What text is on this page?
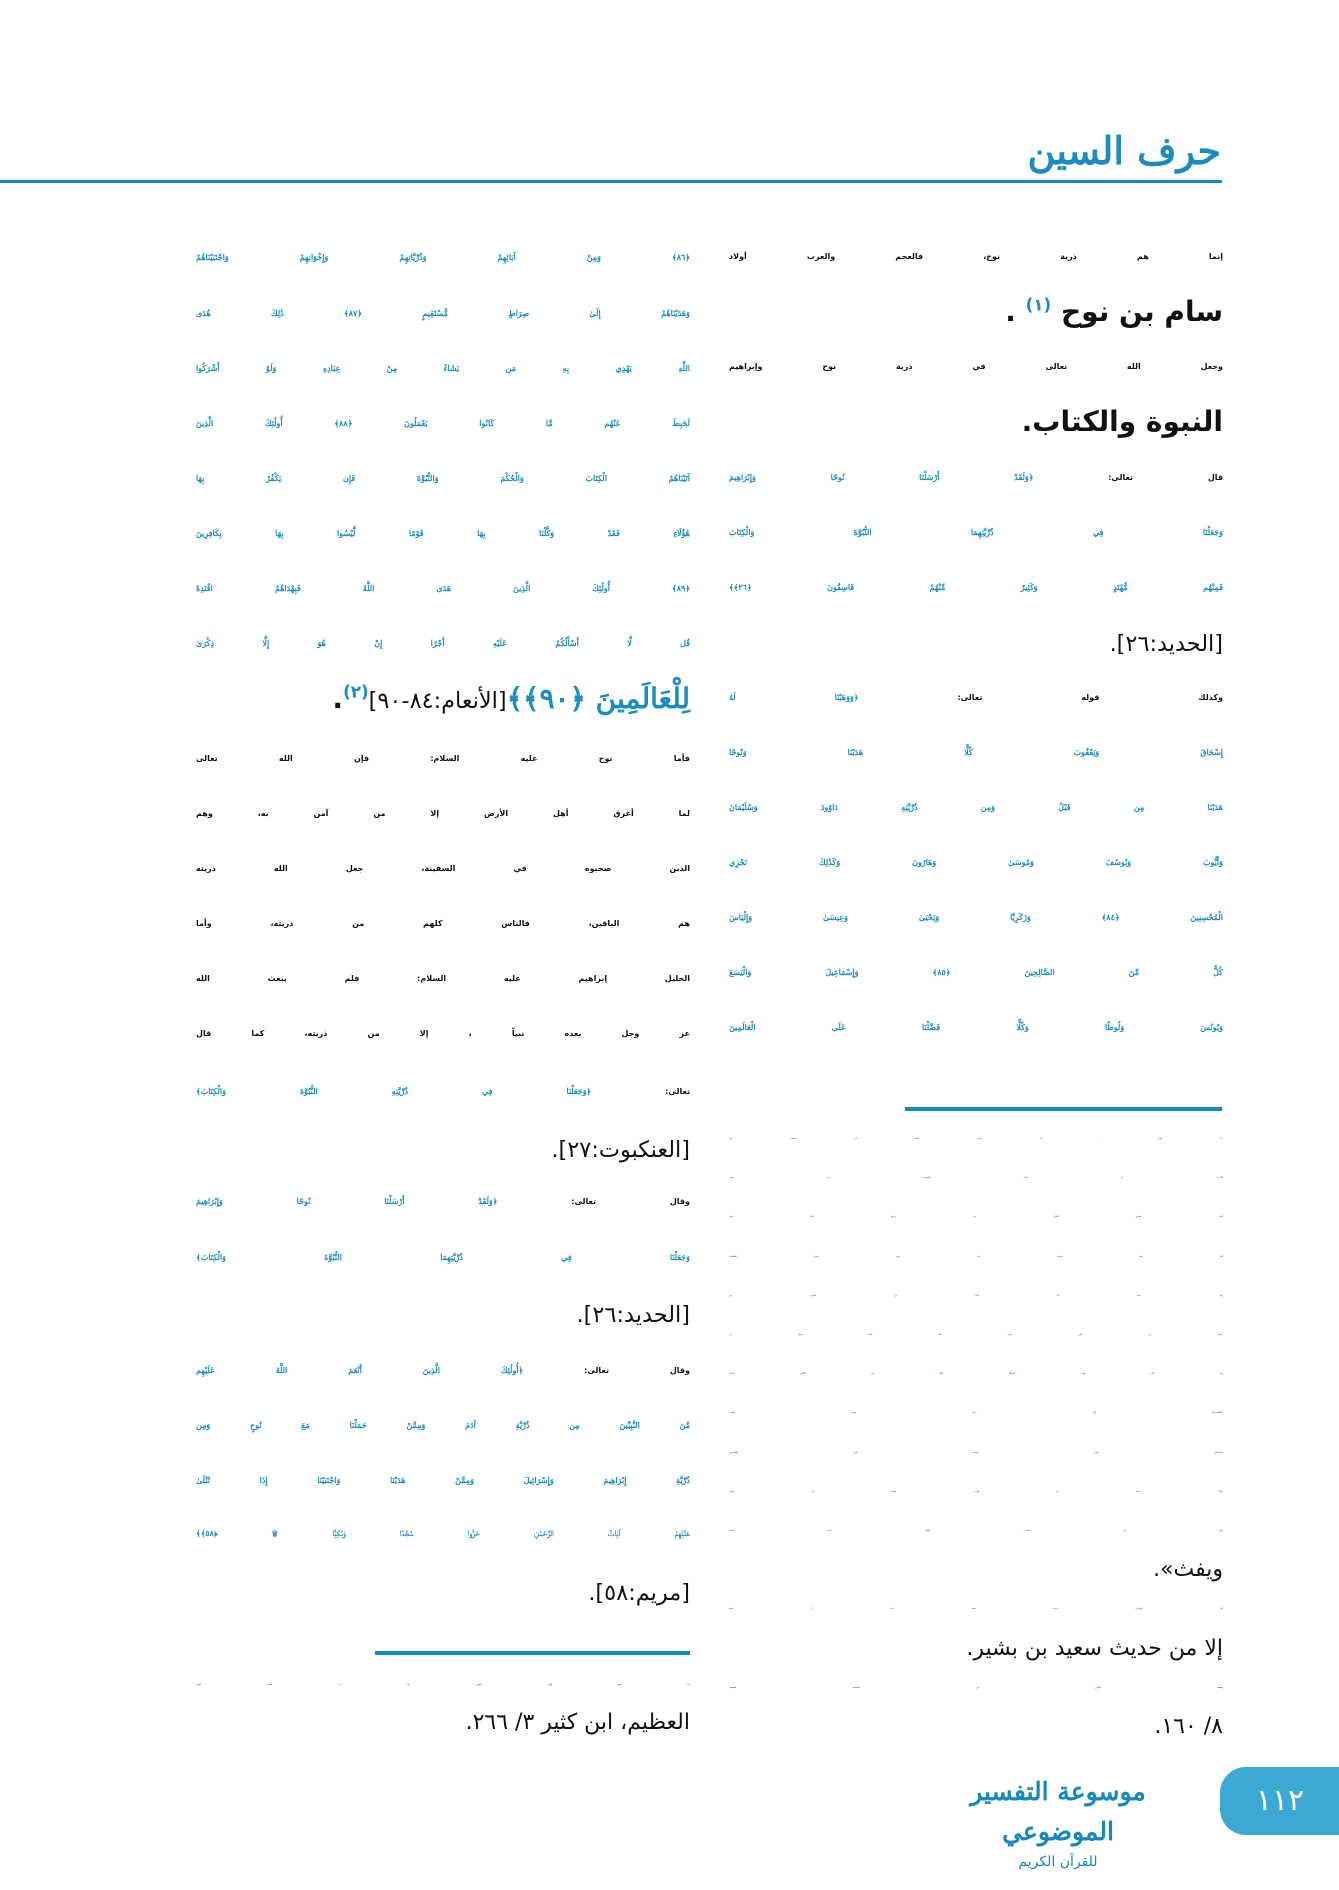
حرف السين
إنما هم ذرية نوح، فالعجم والعرب أولاد
سام بن نوح $^{(١)}$ .
وجعل الله تعالى في ذرية نوح وإبراهيم
النبوة والكتاب.
قال تعالى: ﴿وَلَقَدْ أَرْسَلْنَا نُوحًا وَإِبْرَاهِيمَ
وَجَعَلْنَا فِي ذُرِّيَّتِهِمَا النُّبُوَّةَ وَالْكِتَابَ
فَمِنْهُم مُّهْتَدٍ وَكَثِيرٌ مِّنْهُمْ فَاسِقُونَ ﴿٢٦﴾﴾
[الحديد:٢٦].
وكذلك قوله تعالى: ﴿وَوَهَبْنَا لَهُ
إِسْحَاقَ وَيَعْقُوبَ كُلًّا هَدَيْنَا وَنُوحًا
هَدَيْنَا مِن قَبْلُ وَمِن ذُرِّيَّتِهِ دَاوُودَ وَسُلَيْمَانَ
وَأَيُّوبَ وَيُوسُفَ وَمُوسَىٰ وَهَارُونَ وَكَذَٰلِكَ نَجْزِي
الْمُحْسِنِينَ ﴿٨٤﴾ وَزَكَرِيَّا وَيَحْيَىٰ وَعِيسَىٰ وَإِلْيَاسَ
كُلٌّ مِّنَ الصَّالِحِينَ ﴿٨٥﴾ وَإِسْمَاعِيلَ وَالْيَسَعَ
وَيُونُسَ وَلُوطًا وَكُلًّا فَضَّلْنَا عَلَى الْعَالَمِينَ
(١) منها : ما أخرجه أحمد في مسنده رقم
٢٠٠٩٩٣، ٣/ ٢٩٢، والترمذي في سننه،
أبواب تفسير القرآن عن رسول الله صلى
الله عليه وسلم باب ومن سورة الصافات،
رقم ٣٢٣٠، ٥/ ٣٦٥، عن الحسن، عن
سمرة، عن النبي صلى الله عليه وسلم في
قول الله تعالى: ﴿وَجَعَلْنَا ذُرِّيَّتَهُ هُمُ الْبَاقِينَ ﴿٧٧﴾﴾
[الصافات:٧٧] قال: «حام، وسام، ويافث»
بالثاء.يقال: يافت، ويافث بالتاء والثاء«وفي
رواية: «سام أبو العرب، ويافث أبو الروم،
وحام أبو الحبش» ويقال: يافث ويافت
ويفث».
قال الترمذي: حديث حسن غريب لا نعرفه
إلا من حديث سعيد بن بشير.
وضعفه الألباني في السلسلة الضعيفة،
٨/ ١٦٠.
﴿٨٦﴾ وَمِنْ آبَائِهِمْ وَذُرِّيَّاتِهِمْ وَإِخْوَانِهِمْ وَاجْتَبَيْنَاهُمْ
وَهَدَيْنَاهُمْ إِلَىٰ صِرَاطٍ مُّسْتَقِيمٍ ﴿٨٧﴾ ذَٰلِكَ هُدَى
اللَّهِ يَهْدِي بِهِ مَن يَشَاءُ مِنْ عِبَادِهِ وَلَوْ أَشْرَكُوا
لَحَبِطَ عَنْهُم مَّا كَانُوا يَعْمَلُونَ ﴿٨٨﴾ أُولَٰئِكَ الَّذِينَ
آتَيْنَاهُمُ الْكِتَابَ وَالْحُكْمَ وَالنُّبُوَّةَ فَإِن يَكْفُرْ بِهَا
هَٰؤُلَاءِ فَقَدْ وَكَّلْنَا بِهَا قَوْمًا لَّيْسُوا بِهَا بِكَافِرِينَ
﴿٨٩﴾ أُولَٰئِكَ الَّذِينَ هَدَى اللَّهُ فَبِهُدَاهُمُ اقْتَدِهْ
قُل لَّا أَسْأَلُكُمْ عَلَيْهِ أَجْرًا إِنْ هُوَ إِلَّا ذِكْرَىٰ
لِلْعَالَمِينَ ﴿٩٠﴾﴾[الأنعام:٨٤-٩٠]$^{(٢)}$.
فأما نوح عليه السلام: فإن الله تعالى
لما أغرق أهل الأرض إلا من آمن به، وهم
الذين صحبوه في السفينة، جعل الله ذريته
هم الباقين، فالناس كلهم من ذريته، وأما
الخليل إبراهيم عليه السلام: فلم يبعث الله
عز وجل بعده نبياً ، إلا من ذريته، كما قال
تعالى: ﴿وَجَعَلْنَا فِي ذُرِّيَّتِهِ النُّبُوَّةَ وَالْكِتَابَ﴾
[العنكبوت:٢٧].
وقال تعالى: ﴿وَلَقَدْ أَرْسَلْنَا نُوحًا وَإِبْرَاهِيمَ
وَجَعَلْنَا فِي ذُرِّيَّتِهِمَا النُّبُوَّةَ وَالْكِتَابَ﴾
[الحديد:٢٦].
وقال تعالى: ﴿أُولَٰئِكَ الَّذِينَ أَنْعَمَ اللَّهُ عَلَيْهِم
مِّنَ النَّبِيِّينَ مِن ذُرِّيَّةِ آدَمَ وَمِمَّنْ حَمَلْنَا مَعَ نُوحٍ وَمِن
ذُرِّيَّةِ إِبْرَاهِيمَ وَإِسْرَائِيلَ وَمِمَّنْ هَدَيْنَا وَاجْتَبَيْنَا إِذَا تُتْلَىٰ
عَلَيْهِمْ آيَاتُ الرَّحْمَٰنِ خَرُّوا سُجَّدًا وَبُكِيًّا ۩ ﴿٥٨﴾﴾
[مريم:٥٨].
(٢) جامع البيان، الطبري ٢٣/ ٢٠٢، تفسير القرآن
العظيم، ابن كثير ٣/ ٢٦٦.
موسوعة التفسير الموضوعي
للقرآن الكريم
١١٢
